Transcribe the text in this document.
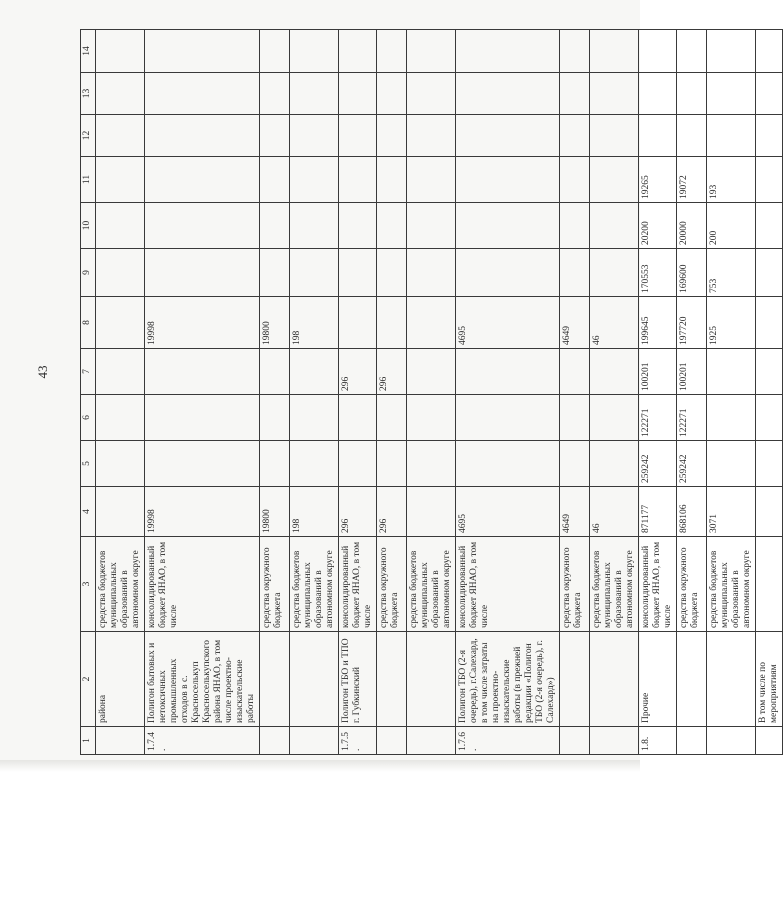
43
1	2	3	4	5	6	7	8	9	10	11	12	13	14
	района	средства бюджетов муниципальных образований в автономном округе											
1.7.4.	Полигон бытовых и нетоксичных промышленных отходов в с. Красноселькуп Красноселькупского района ЯНАО, в том числе проектно-изыскательские работы	консолидированный бюджет ЯНАО, в том числе	19998				19998						
		средства окружного бюджета	19800				19800						
		средства бюджетов муниципальных образований в автономном округе	198				198						
1.7.5.	Полигон ТБО и ТПО г. Губкинский	консолидированный бюджет ЯНАО, в том числе	296			296							
		средства окружного бюджета	296			296							
		средства бюджетов муниципальных образований в автономном округе											
1.7.6.	Полигон ТБО (2-я очередь), г.Салехард, в том числе затраты на проектно-изыскательские работы (в прежней редакции «Полигон ТБО (2-я очередь), г. Салехард»)	консолидированный бюджет ЯНАО, в том числе	4695				4695						
		средства окружного бюджета	4649				4649						
		средства бюджетов муниципальных образований в автономном округе	46				46						
1.8.	Прочие	консолидированный бюджет ЯНАО, в том числе	871177	259242	122271	100201	199645	170553	20200	19265			
		средства окружного бюджета	868106	259242	122271	100201	197720	169600	20000	19072			
		средства бюджетов муниципальных образований в автономном округе	3071				1925	753	200	193			
	В том числе по мероприятиям												
